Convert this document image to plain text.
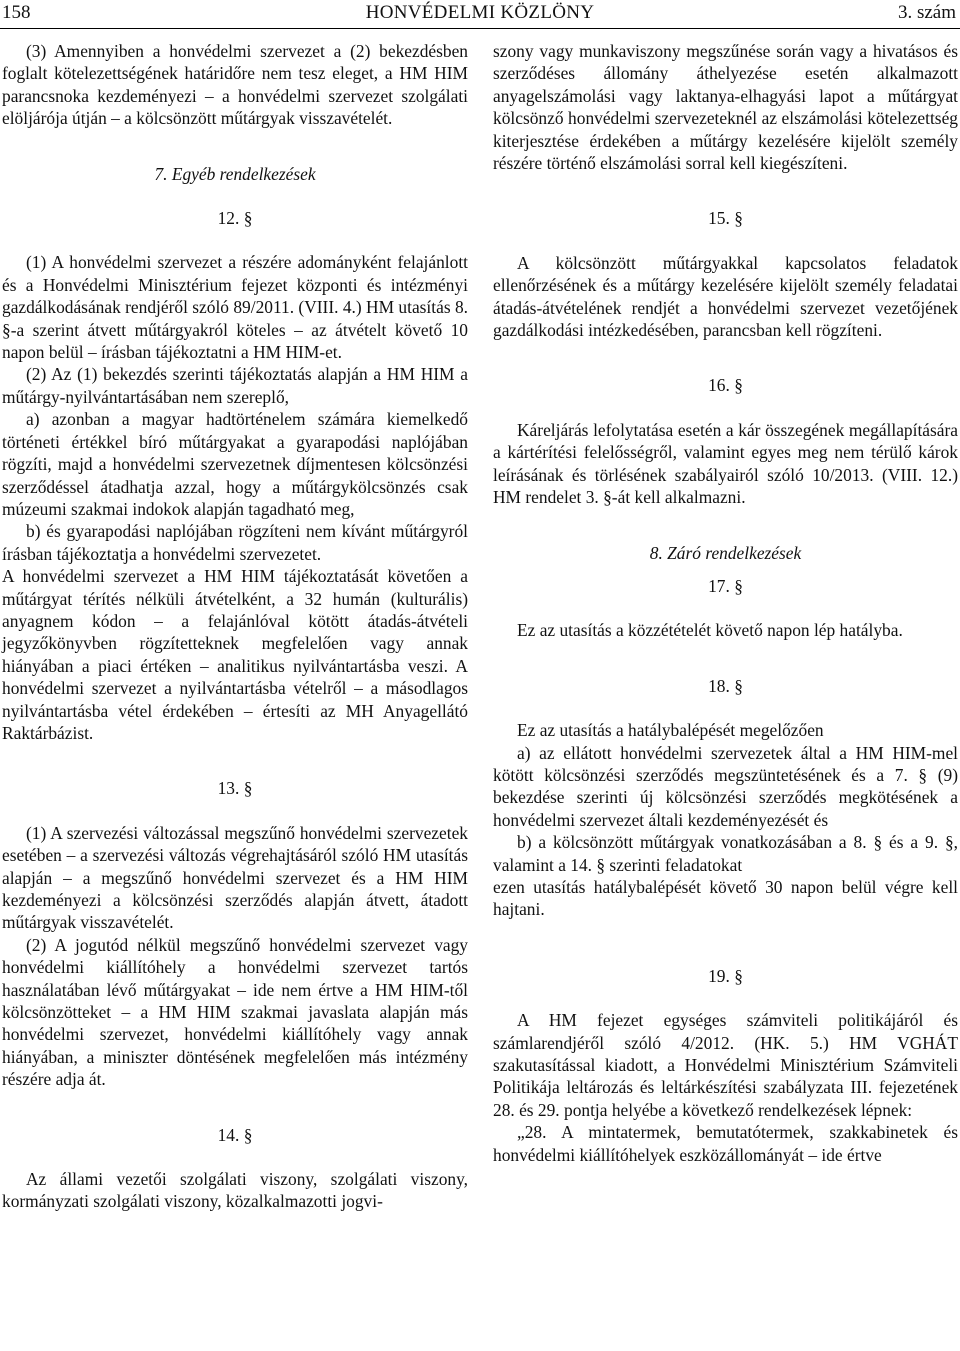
158	HONVÉDELMI KÖZLÖNY	3. szám

(3) Amennyiben a honvédelmi szervezet a (2) bekezdésben foglalt kötelezettségének határidőre nem tesz eleget, a HM HIM parancsnoka kezdeményezi – a honvédelmi szervezet szolgálati elöljárója útján – a kölcsönzött műtárgyak visszavételét.

7. Egyéb rendelkezések

12. §

(1) A honvédelmi szervezet a részére adományként felajánlott és a Honvédelmi Minisztérium fejezet központi és intézményi gazdálkodásának rendjéről szóló 89/2011. (VIII. 4.) HM utasítás 8. §-a szerint átvett műtárgyakról köteles – az átvételt követő 10 napon belül – írásban tájékoztatni a HM HIM-et.

(2) Az (1) bekezdés szerinti tájékoztatás alapján a HM HIM a műtárgy-nyilvántartásában nem szereplő,

a) azonban a magyar hadtörténelem számára kiemelkedő történeti értékkel bíró műtárgyakat a gyarapodási naplójában rögzíti, majd a honvédelmi szervezetnek díjmentesen kölcsönzési szerződéssel átadhatja azzal, hogy a műtárgykölcsönzés csak múzeumi szakmai indokok alapján tagadható meg,

b) és gyarapodási naplójában rögzíteni nem kívánt műtárgyról írásban tájékoztatja a honvédelmi szervezetet.

A honvédelmi szervezet a HM HIM tájékoztatását követően a műtárgyat térítés nélküli átvételként, a 32 humán (kulturális) anyagnem kódon – a felajánlóval kötött átadás-átvételi jegyzőkönyvben rögzítetteknek megfelelően vagy annak hiányában a piaci értéken – analitikus nyilvántartásba veszi. A honvédelmi szervezet a nyilvántartásba vételről – a másodlagos nyilvántartásba vétel érdekében – értesíti az MH Anyagellátó Raktárbázist.

13. §

(1) A szervezési változással megszűnő honvédelmi szervezetek esetében – a szervezési változás végrehajtásáról szóló HM utasítás alapján – a megszűnő honvédelmi szervezet és a HM HIM kezdeményezi a kölcsönzési szerződés alapján átvett, átadott műtárgyak visszavételét.

(2) A jogutód nélkül megszűnő honvédelmi szervezet vagy honvédelmi kiállítóhely a honvédelmi szervezet tartós használatában lévő műtárgyakat – ide nem értve a HM HIM-től kölcsönzötteket – a HM HIM szakmai javaslata alapján más honvédelmi szervezet, honvédelmi kiállítóhely vagy annak hiányában, a miniszter döntésének megfelelően más intézmény részére adja át.

14. §

Az állami vezetői szolgálati viszony, szolgálati viszony, kormányzati szolgálati viszony, közalkalmazotti jogvi-

szony vagy munkaviszony megszűnése során vagy a hivatásos és szerződéses állomány áthelyezése esetén alkalmazott anyagelszámolási vagy laktanya-elhagyási lapot a műtárgyat kölcsönző honvédelmi szervezeteknél az elszámolási kötelezettség kiterjesztése érdekében a műtárgy kezelésére kijelölt személy részére történő elszámolási sorral kell kiegészíteni.

15. §

A kölcsönzött műtárgyakkal kapcsolatos feladatok ellenőrzésének és a műtárgy kezelésére kijelölt személy feladatai átadás-átvételének rendjét a honvédelmi szervezet vezetőjének gazdálkodási intézkedésében, parancsban kell rögzíteni.

16. §

Káreljárás lefolytatása esetén a kár összegének megállapítására a kártérítési felelősségről, valamint egyes meg nem térülő károk leírásának és törlésének szabályairól szóló 10/2013. (VIII. 12.) HM rendelet 3. §-át kell alkalmazni.

8. Záró rendelkezések

17. §

Ez az utasítás a közzétételét követő napon lép hatályba.

18. §

Ez az utasítás a hatálybalépését megelőzően

a) az ellátott honvédelmi szervezetek által a HM HIM-mel kötött kölcsönzési szerződés megszüntetésének és a 7. § (9) bekezdése szerinti új kölcsönzési szerződés megkötésének a honvédelmi szervezet általi kezdeményezését és

b) a kölcsönzött műtárgyak vonatkozásában a 8. § és a 9. §, valamint a 14. § szerinti feladatokat

ezen utasítás hatálybalépését követő 30 napon belül végre kell hajtani.

19. §

A HM fejezet egységes számviteli politikájáról és számlarendjéről szóló 4/2012. (HK. 5.) HM VGHÁT szakutasítással kiadott, a Honvédelmi Minisztérium Számviteli Politikája leltározás és leltárkészítési szabályzata III. fejezetének 28. és 29. pontja helyébe a következő rendelkezések lépnek:

„28. A mintatermek, bemutatótermek, szakkabinetek és honvédelmi kiállítóhelyek eszközállományát – ide értve
